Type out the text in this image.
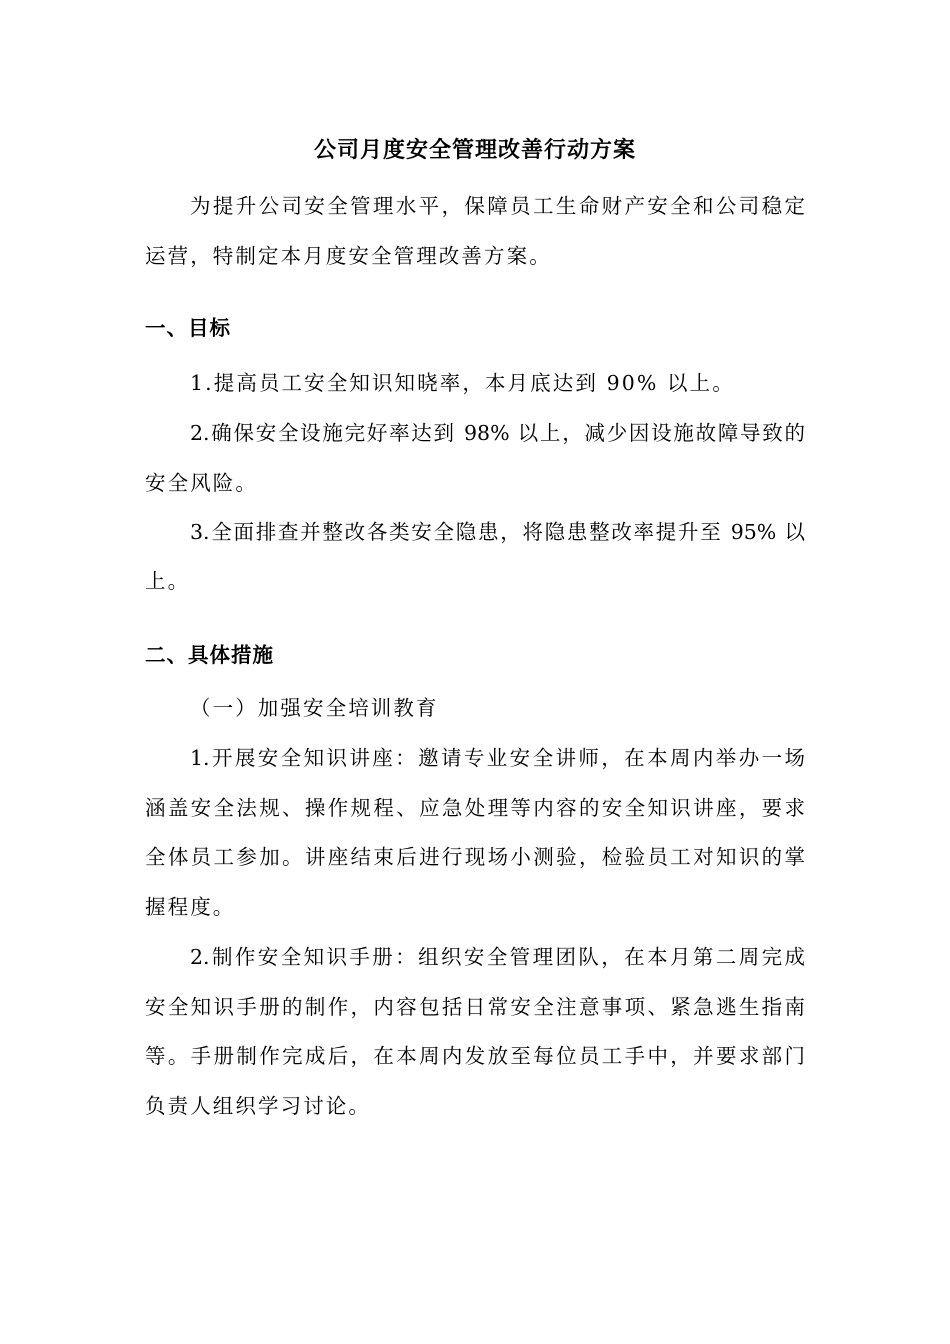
公司月度安全管理改善行动方案
为提升公司安全管理水平，保障员工生命财产安全和公司稳定
运营，特制定本月度安全管理改善方案。
一、目标
1.提高员工安全知识知晓率，本月底达到 90% 以上。
2.确保安全设施完好率达到 98% 以上，减少因设施故障导致的
安全风险。
3.全面排查并整改各类安全隐患，将隐患整改率提升至 95% 以
上。
二、具体措施
（一）加强安全培训教育
1.开展安全知识讲座：邀请专业安全讲师，在本周内举办一场
涵盖安全法规、操作规程、应急处理等内容的安全知识讲座，要求
全体员工参加。讲座结束后进行现场小测验，检验员工对知识的掌
握程度。
2.制作安全知识手册：组织安全管理团队，在本月第二周完成
安全知识手册的制作，内容包括日常安全注意事项、紧急逃生指南
等。手册制作完成后，在本周内发放至每位员工手中，并要求部门
负责人组织学习讨论。
